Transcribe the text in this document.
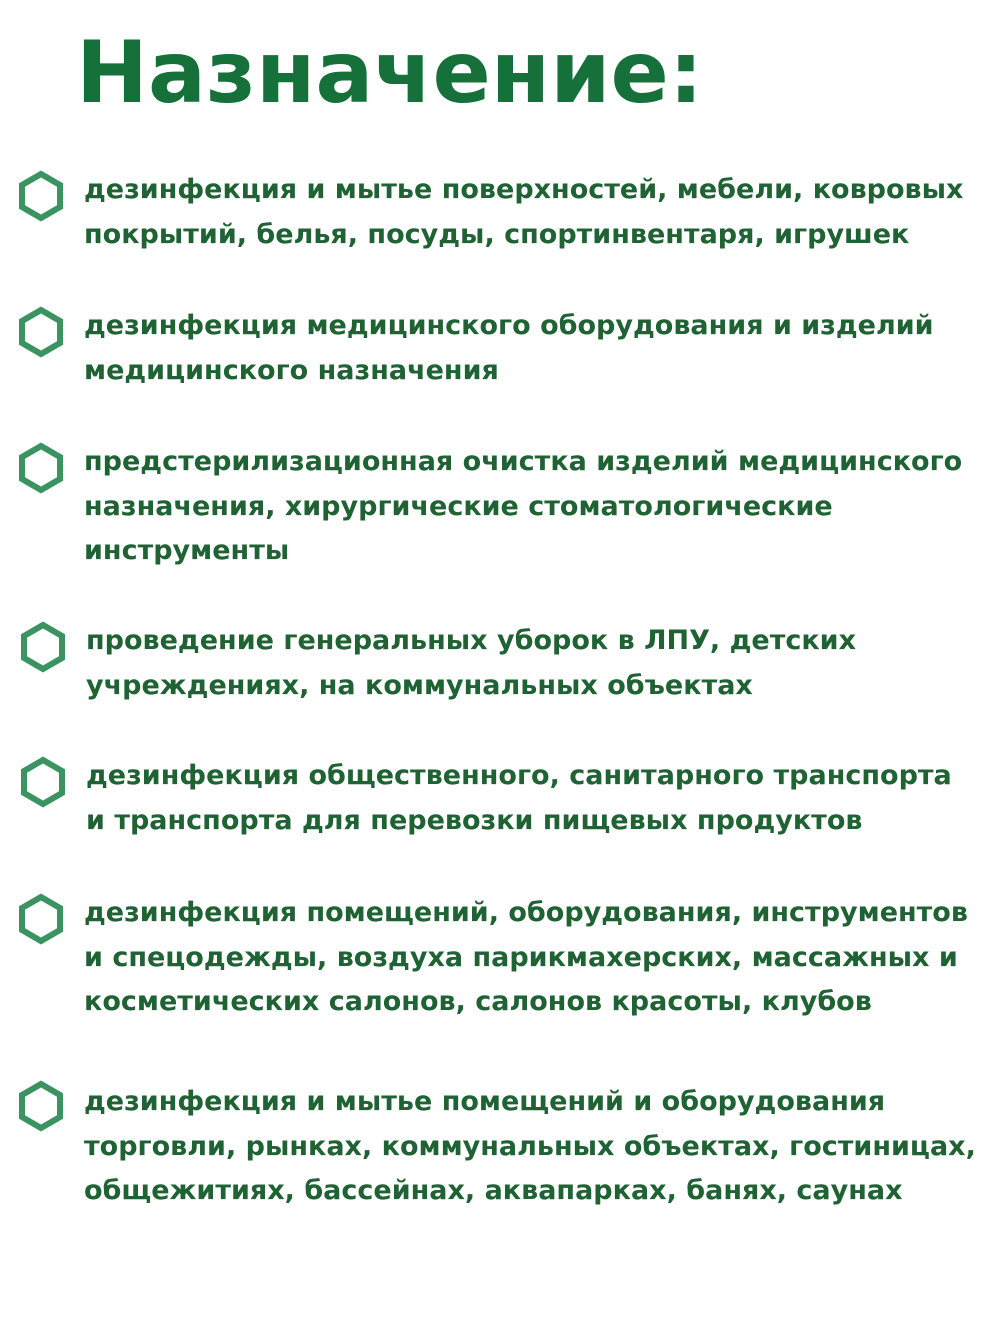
Назначение:

дезинфекция и мытье поверхностей, мебели, ковровых
покрытий, белья, посуды, спортинвентаря, игрушек

дезинфекция медицинского оборудования и изделий
медицинского назначения

предстерилизационная очистка изделий медицинского
назначения, хирургические стоматологические
инструменты

проведение генеральных уборок в ЛПУ, детских
учреждениях, на коммунальных объектах

дезинфекция общественного, санитарного транспорта
и транспорта для перевозки пищевых продуктов

дезинфекция помещений, оборудования, инструментов
и спецодежды, воздуха парикмахерских, массажных и
косметических салонов, салонов красоты, клубов

дезинфекция и мытье помещений и оборудования
торговли, рынках, коммунальных объектах, гостиницах,
общежитиях, бассейнах, аквапарках, банях, саунах
